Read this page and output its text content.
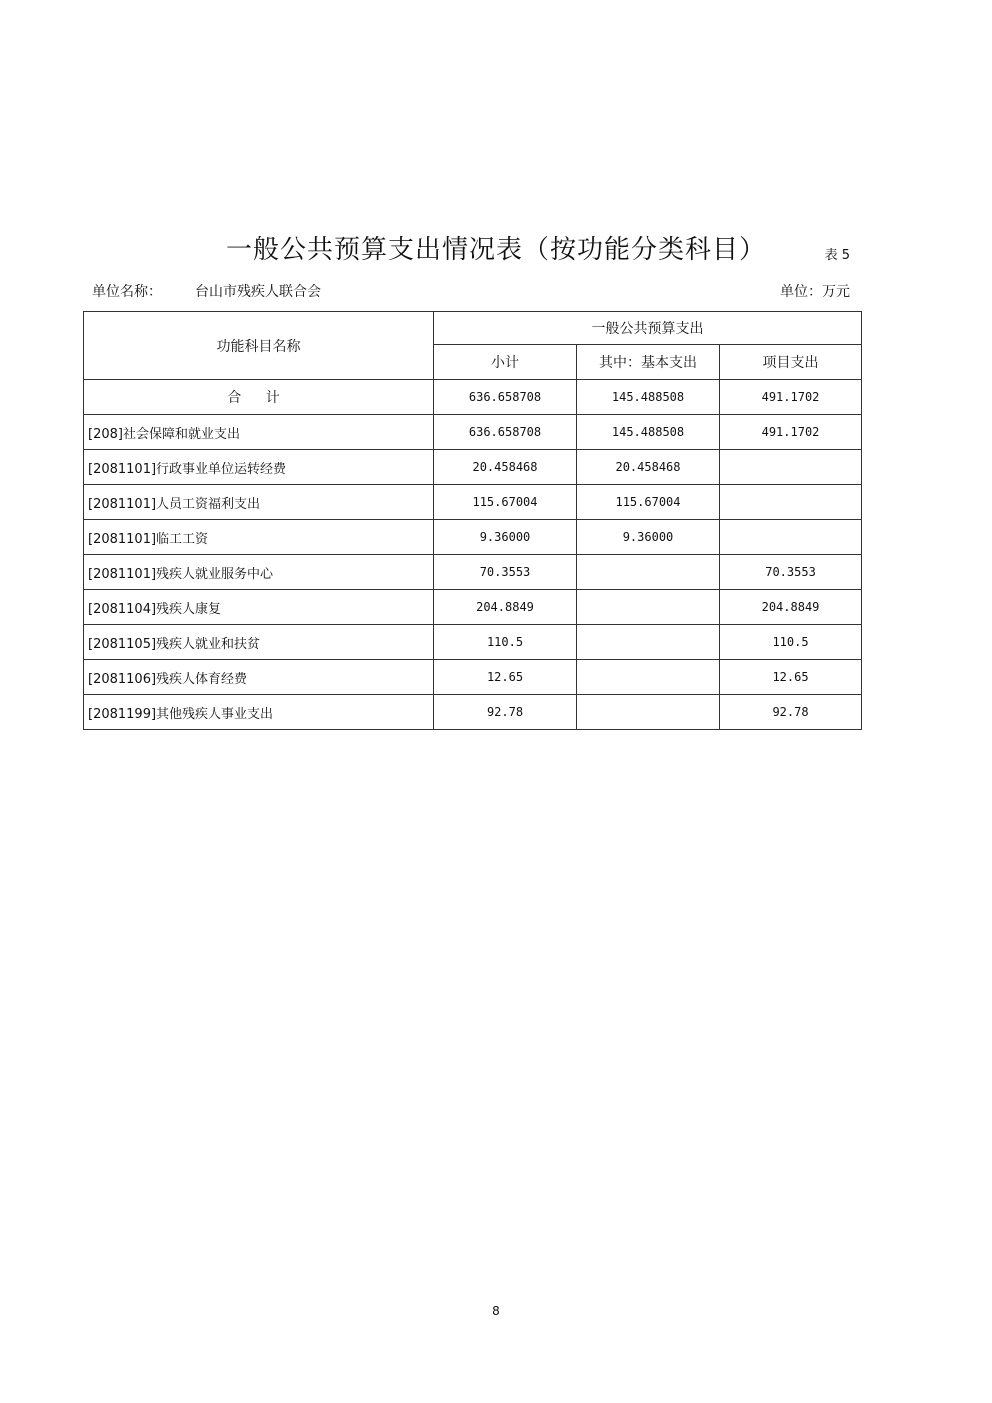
一般公共预算支出情况表（按功能分类科目）	表 5
单位名称： 台山市残疾人联合会	单位：万元
功能科目名称	一般公共预算支出		
	小计	其中：基本支出	项目支出
合 计	636.658708	145.488508	491.1702
[208]社会保障和就业支出	636.658708	145.488508	491.1702
[2081101]行政事业单位运转经费	20.458468	20.458468	
[2081101]人员工资福利支出	115.67004	115.67004	
[2081101]临工工资	9.36000	9.36000	
[2081101]残疾人就业服务中心	70.3553		70.3553
[2081104]残疾人康复	204.8849		204.8849
[2081105]残疾人就业和扶贫	110.5		110.5
[2081106]残疾人体育经费	12.65		12.65
[2081199]其他残疾人事业支出	92.78		92.78
8
